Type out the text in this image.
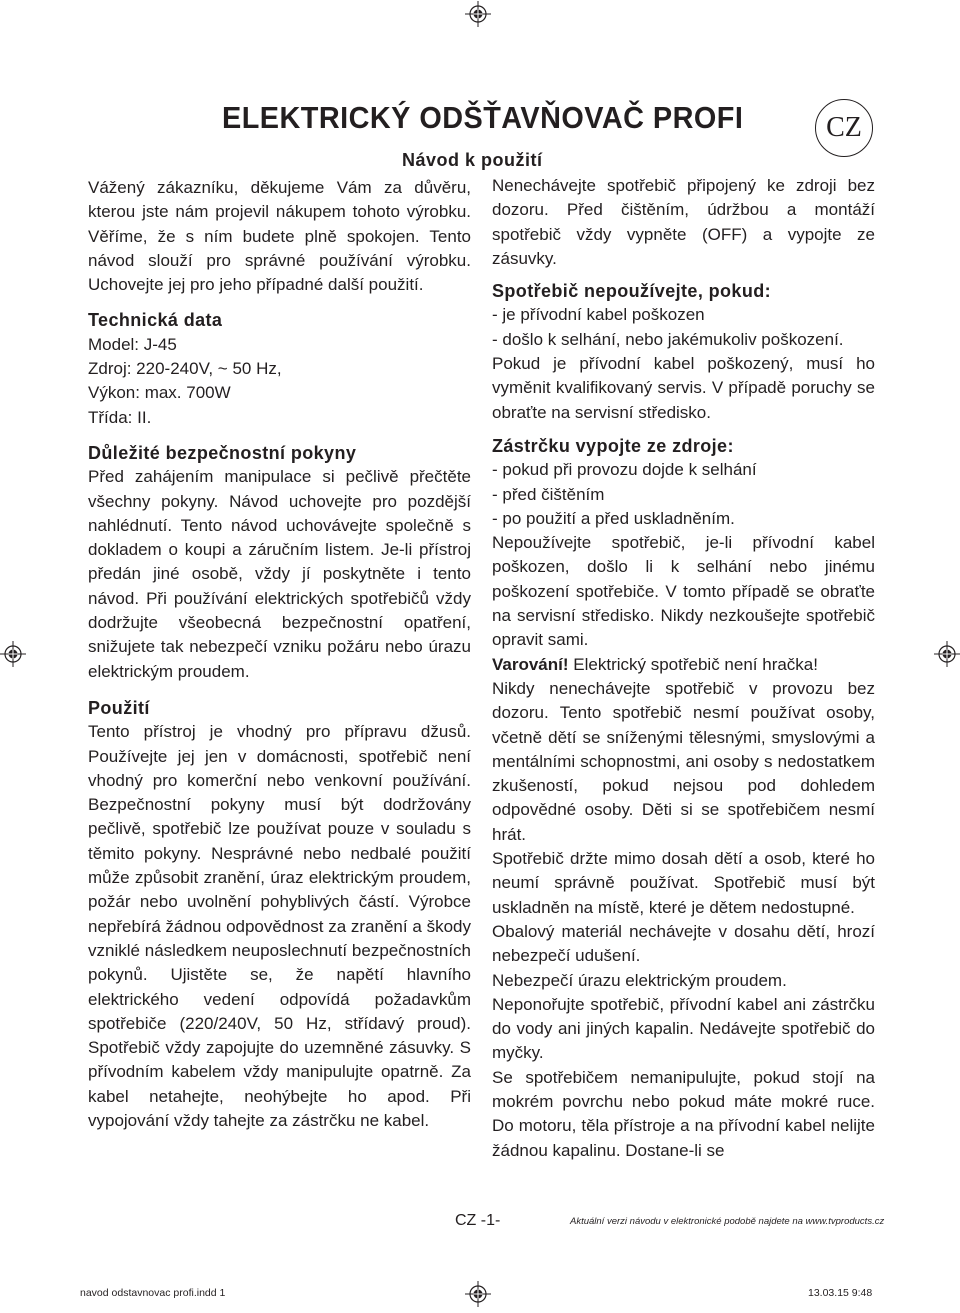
ELEKTRICKÝ ODŠŤAVŇOVAČ PROFI	CZ
Návod k použití

Vážený zákazníku, děkujeme Vám za důvěru, kterou jste nám projevil nákupem tohoto výrobku. Věříme, že s ním budete plně spokojen. Tento návod slouží pro správné používání výrobku. Uchovejte jej pro jeho případné další použití.

Technická data

Model: J-45

Zdroj: 220-240V, ~ 50 Hz,

Výkon: max. 700W

Třída: II.

Důležité bezpečnostní pokyny

Před zahájením manipulace si pečlivě přečtěte všechny pokyny. Návod uchovejte pro pozdější nahlédnutí. Tento návod uchovávejte společně s dokladem o koupi a záručním listem. Je-li přístroj předán jiné osobě, vždy jí poskytněte i tento návod. Při používání elektrických spotřebičů vždy dodržujte všeobecná bezpečnostní opatření, snižujete tak nebezpečí vzniku požáru nebo úrazu elektrickým proudem.

Použití

Tento přístroj je vhodný pro přípravu džusů. Používejte jej jen v domácnosti, spotřebič není vhodný pro komerční nebo venkovní používání. Bezpečnostní pokyny musí být dodržovány pečlivě, spotřebič lze používat pouze v souladu s těmito pokyny. Nesprávné nebo nedbalé použití může způsobit zranění, úraz elektrickým proudem, požár nebo uvolnění pohyblivých částí. Výrobce nepřebírá žádnou odpovědnost za zranění a škody vzniklé následkem neuposlechnutí bezpečnostních pokynů. Ujistěte se, že napětí hlavního elektrického vedení odpovídá požadavkům spotřebiče (220/240V, 50 Hz, střídavý proud). Spotřebič vždy zapojujte do uzemněné zásuvky. S přívodním kabelem vždy manipulujte opatrně. Za kabel netahejte, neohýbejte ho apod. Při vypojování vždy tahejte za zástrčku ne kabel.

Nenechávejte spotřebič připojený ke zdroji bez dozoru. Před čištěním, údržbou a montáží spotřebič vždy vypněte (OFF) a vypojte ze zásuvky.

Spotřebič nepoužívejte, pokud:

- je přívodní kabel poškozen

- došlo k selhání, nebo jakémukoliv poškození.

Pokud je přívodní kabel poškozený, musí ho vyměnit kvalifikovaný servis. V případě poruchy se obraťte na servisní středisko.

Zástrčku vypojte ze zdroje:

- pokud při provozu dojde k selhání

- před čištěním

- po použití a před uskladněním.

Nepoužívejte spotřebič, je-li přívodní kabel poškozen, došlo li k selhání nebo jinému poškození spotřebiče. V tomto případě se obraťte na servisní středisko. Nikdy nezkoušejte spotřebič opravit sami.

Varování! Elektrický spotřebič není hračka!

Nikdy nenechávejte spotřebič v provozu bez dozoru. Tento spotřebič nesmí používat osoby, včetně dětí se sníženými tělesnými, smyslovými a mentálními schopnostmi, ani osoby s nedostatkem zkušeností, pokud nejsou pod dohledem odpovědné osoby. Děti si se spotřebičem nesmí hrát.

Spotřebič držte mimo dosah dětí a osob, které ho neumí správně používat. Spotřebič musí být uskladněn na místě, které je dětem nedostupné.

Obalový materiál nechávejte v dosahu dětí, hrozí nebezpečí udušení.

Nebezpečí úrazu elektrickým proudem.

Neponořujte spotřebič, přívodní kabel ani zástrčku do vody ani jiných kapalin. Nedávejte spotřebič do myčky.

Se spotřebičem nemanipulujte, pokud stojí na mokrém povrchu nebo pokud máte mokré ruce. Do motoru, těla přístroje a na přívodní kabel nelijte žádnou kapalinu. Dostane-li se

CZ -1-	Aktuální verzi návodu v elektronické podobě najdete na www.tvproducts.cz
navod odstavnovac profi.indd 1	13.03.15 9:48
